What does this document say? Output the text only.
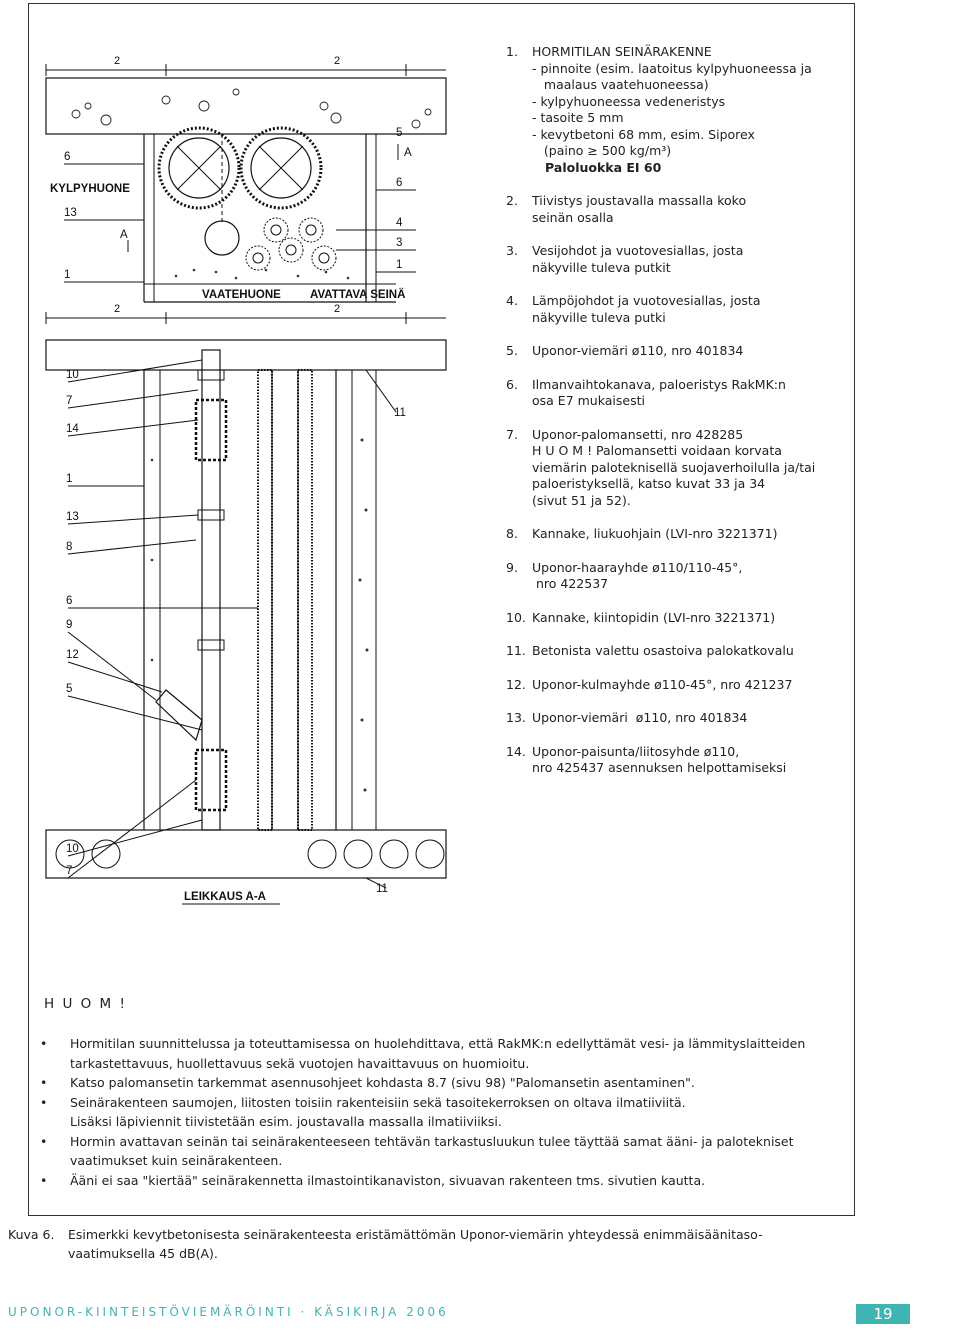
2	2
6
KYLPYHUONE
13
A
1
A
5
6
4
3
1
VAATEHUONE	AVATTAVA SEINÄ
2	2
10
7
14
1
13
8
6
9
12
5
10
7
11
11
LEIKKAUS A-A
1.	HORMITILAN SEINÄRAKENNE
- pinnoite (esim. laatoitus kylpyhuoneessa ja
maalaus vaatehuoneessa)
- kylpyhuoneessa vedeneristys
- tasoite 5 mm
- kevytbetoni 68 mm, esim. Siporex
(paino ≥ 500 kg/m³)
Paloluokka EI 60
2.	Tiivistys joustavalla massalla koko
seinän osalla
3.	Vesijohdot ja vuotovesiallas, josta
näkyville tuleva putkit
4.	Lämpöjohdot ja vuotovesiallas, josta
näkyville tuleva putki
5.	Uponor-viemäri ø110, nro 401834
6.	Ilmanvaihtokanava, paloeristys RakMK:n
osa E7 mukaisesti
7.	Uponor-palomansetti, nro 428285
H U O M ! Palomansetti voidaan korvata
viemärin paloteknisellä suojaverhoilulla ja/tai
paloeristyksellä, katso kuvat 33 ja 34
(sivut 51 ja 52).
8.	Kannake, liukuohjain (LVI-nro 3221371)
9.	Uponor-haarayhde ø110/110-45°,
nro 422537
10. Kannake, kiintopidin (LVI-nro 3221371)
11. Betonista valettu osastoiva palokatkovalu
12. Uponor-kulmayhde ø110-45°, nro 421237
13. Uponor-viemäri  ø110, nro 401834
14. Uponor-paisunta/liitosyhde ø110,
nro 425437 asennuksen helpottamiseksi
H U O M !
•	Hormitilan suunnittelussa ja toteuttamisessa on huolehdittava, että RakMK:n edellyttämät vesi- ja lämmityslaitteiden
tarkastettavuus, huollettavuus sekä vuotojen havaittavuus on huomioitu.
•	Katso palomansetin tarkemmat asennusohjeet kohdasta 8.7 (sivu 98) "Palomansetin asentaminen".
•	Seinärakenteen saumojen, liitosten toisiin rakenteisiin sekä tasoitekerroksen on oltava ilmatiiviitä.
Lisäksi läpiviennit tiivistetään esim. joustavalla massalla ilmatiiviiksi.
•	Hormin avattavan seinän tai seinärakenteeseen tehtävän tarkastusluukun tulee täyttää samat ääni- ja palotekniset
vaatimukset kuin seinärakenteen.
•	Ääni ei saa "kiertää" seinärakennetta ilmastointikanaviston, sivuavan rakenteen tms. sivutien kautta.
Kuva 6.	Esimerkki kevytbetonisesta seinärakenteesta eristämättömän Uponor-viemärin yhteydessä enimmäisäänitaso-
vaatimuksella 45 dB(A).
UPONOR-KIINTEISTÖVIEMÄRÖINTI · KÄSIKIRJA 2006	19
